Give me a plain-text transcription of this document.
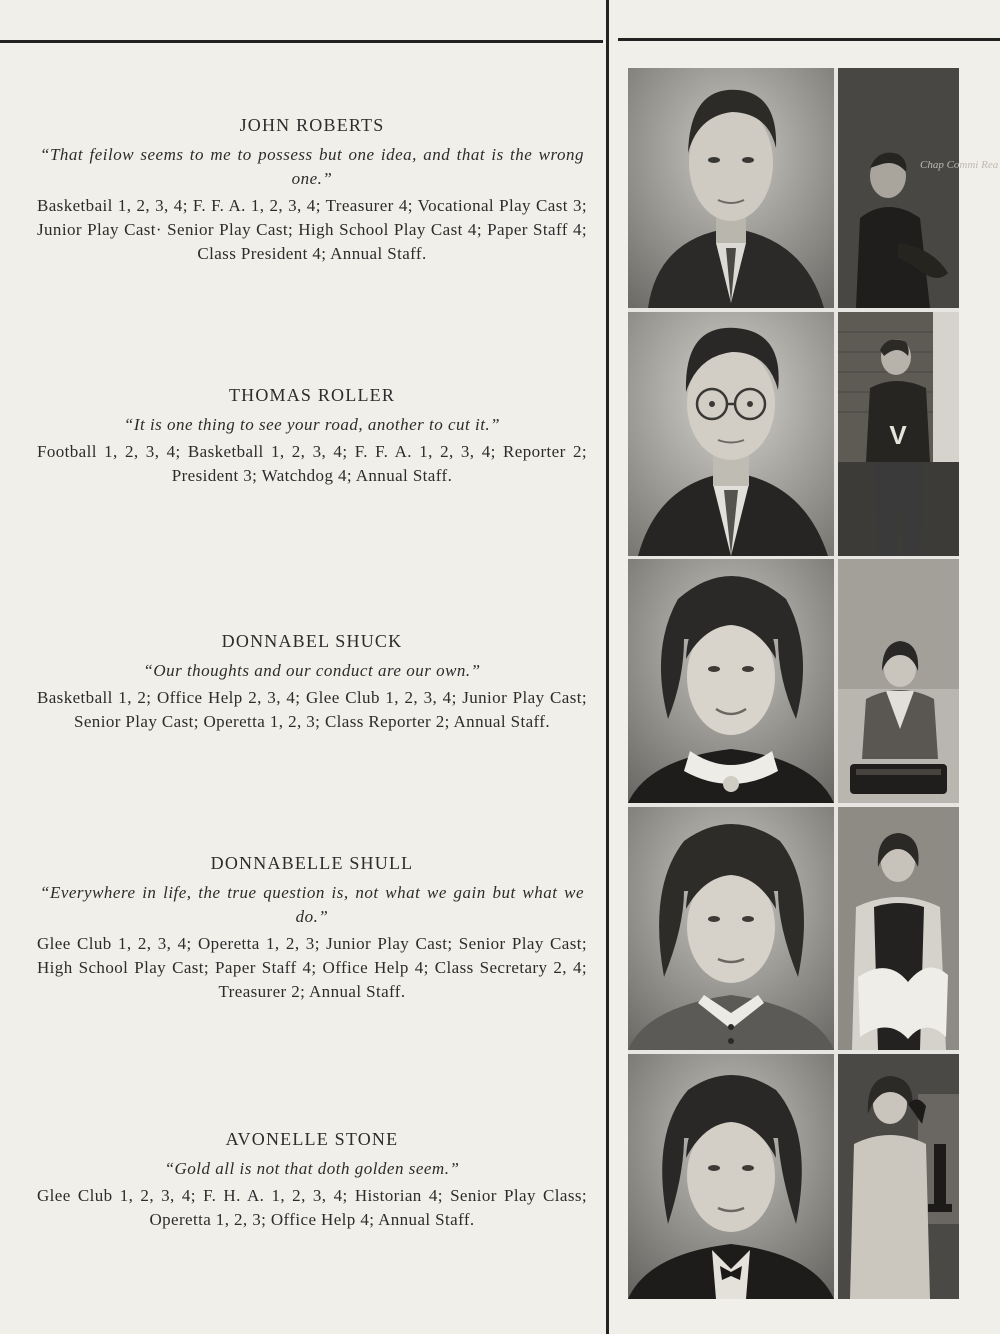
JOHN ROBERTS
“That feilow seems to me to possess but one idea, and that is the wrong one.”
Basketbail 1, 2, 3, 4; F. F. A. 1, 2, 3, 4; Treasurer 4; Vocational Play Cast 3; Junior Play Cast· Senior Play Cast; High School Play Cast 4; Paper Staff 4; Class President 4; Annual Staff.
THOMAS ROLLER
“It is one thing to see your road, another to cut it.”
Football 1, 2, 3, 4; Basketball 1, 2, 3, 4; F. F. A. 1, 2, 3, 4; Reporter 2; President 3; Watchdog 4; Annual Staff.
DONNABEL SHUCK
“Our thoughts and our conduct are our own.”
Basketball 1, 2; Office Help 2, 3, 4; Glee Club 1, 2, 3, 4; Junior Play Cast; Senior Play Cast; Operetta 1, 2, 3; Class Reporter 2; Annual Staff.
DONNABELLE SHULL
“Everywhere in life, the true question is, not what we gain but what we do.”
Glee Club 1, 2, 3, 4; Operetta 1, 2, 3; Junior Play Cast; Senior Play Cast; High School Play Cast; Paper Staff 4; Office Help 4; Class Secretary 2, 4; Treasurer 2; Annual Staff.
AVONELLE STONE
“Gold all is not that doth golden seem.”
Glee Club 1, 2, 3, 4; F. H. A. 1, 2, 3, 4; Historian 4; Senior Play Class; Operetta 1, 2, 3; Office Help 4; Annual Staff.
Chap Commi Rea
V
